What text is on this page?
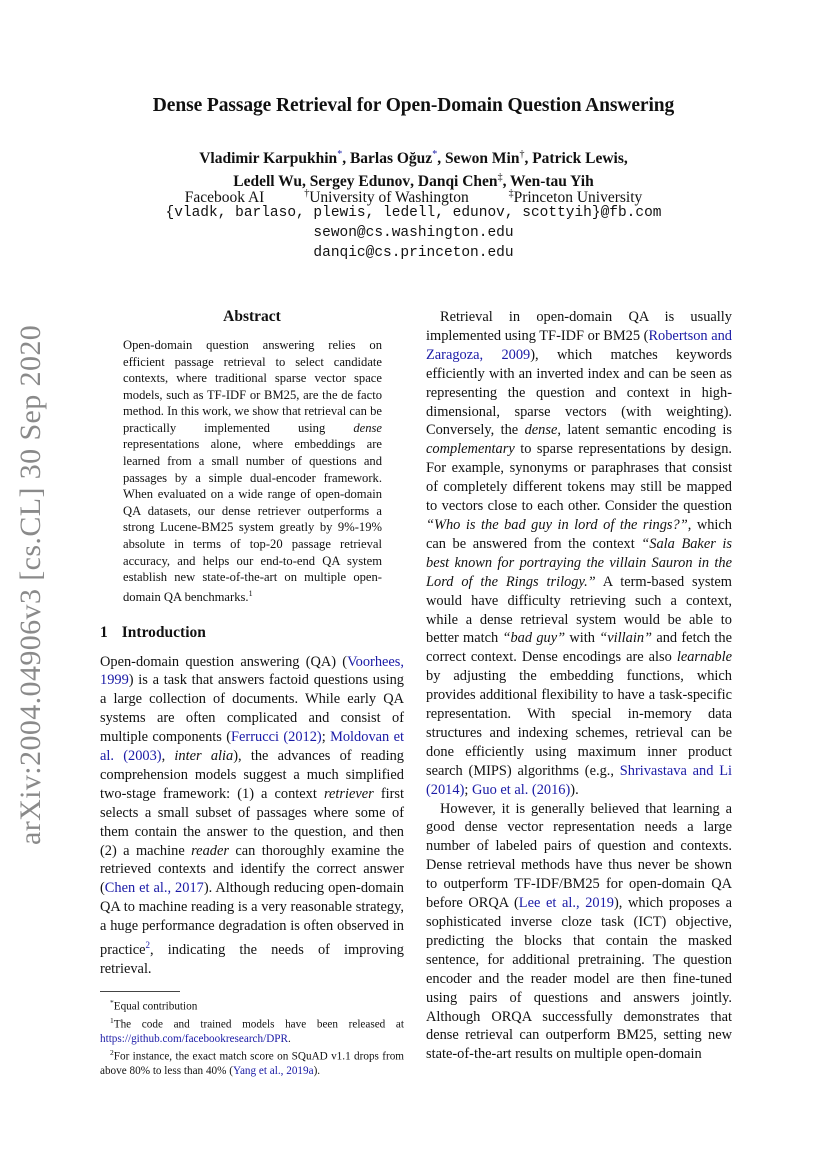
Dense Passage Retrieval for Open-Domain Question Answering
Vladimir Karpukhin*, Barlas Oğuz*, Sewon Min†, Patrick Lewis,
Ledell Wu, Sergey Edunov, Danqi Chen‡, Wen-tau Yih
Facebook AI	†University of Washington	‡Princeton University
{vladk, barlaso, plewis, ledell, edunov, scottyih}@fb.com
sewon@cs.washington.edu
danqic@cs.princeton.edu
arXiv:2004.04906v3 [cs.CL] 30 Sep 2020
Abstract
Open-domain question answering relies on efficient passage retrieval to select candidate contexts, where traditional sparse vector space models, such as TF-IDF or BM25, are the de facto method. In this work, we show that retrieval can be practically implemented using dense representations alone, where embeddings are learned from a small number of questions and passages by a simple dual-encoder framework. When evaluated on a wide range of open-domain QA datasets, our dense retriever outperforms a strong Lucene-BM25 system greatly by 9%-19% absolute in terms of top-20 passage retrieval accuracy, and helps our end-to-end QA system establish new state-of-the-art on multiple open-domain QA benchmarks.$^1$
1 Introduction

Open-domain question answering (QA) (Voorhees, 1999) is a task that answers factoid questions using a large collection of documents. While early QA systems are often complicated and consist of multiple components (Ferrucci (2012); Moldovan et al. (2003), inter alia), the advances of reading comprehension models suggest a much simplified two-stage framework: (1) a context retriever first selects a small subset of passages where some of them contain the answer to the question, and then (2) a machine reader can thoroughly examine the retrieved contexts and identify the correct answer (Chen et al., 2017). Although reducing open-domain QA to machine reading is a very reasonable strategy, a huge performance degradation is often observed in practice$^2$, indicating the needs of improving retrieval.

*Equal contribution

$^1$The code and trained models have been released at https://github.com/facebookresearch/DPR.

$^2$For instance, the exact match score on SQuAD v1.1 drops from above 80% to less than 40% (Yang et al., 2019a).

Retrieval in open-domain QA is usually implemented using TF-IDF or BM25 (Robertson and Zaragoza, 2009), which matches keywords efficiently with an inverted index and can be seen as representing the question and context in high-dimensional, sparse vectors (with weighting). Conversely, the dense, latent semantic encoding is complementary to sparse representations by design. For example, synonyms or paraphrases that consist of completely different tokens may still be mapped to vectors close to each other. Consider the question “Who is the bad guy in lord of the rings?”, which can be answered from the context “Sala Baker is best known for portraying the villain Sauron in the Lord of the Rings trilogy.” A term-based system would have difficulty retrieving such a context, while a dense retrieval system would be able to better match “bad guy” with “villain” and fetch the correct context. Dense encodings are also learnable by adjusting the embedding functions, which provides additional flexibility to have a task-specific representation. With special in-memory data structures and indexing schemes, retrieval can be done efficiently using maximum inner product search (MIPS) algorithms (e.g., Shrivastava and Li (2014); Guo et al. (2016)).

However, it is generally believed that learning a good dense vector representation needs a large number of labeled pairs of question and contexts. Dense retrieval methods have thus never be shown to outperform TF-IDF/BM25 for open-domain QA before ORQA (Lee et al., 2019), which proposes a sophisticated inverse cloze task (ICT) objective, predicting the blocks that contain the masked sentence, for additional pretraining. The question encoder and the reader model are then fine-tuned using pairs of questions and answers jointly. Although ORQA successfully demonstrates that dense retrieval can outperform BM25, setting new state-of-the-art results on multiple open-domain
